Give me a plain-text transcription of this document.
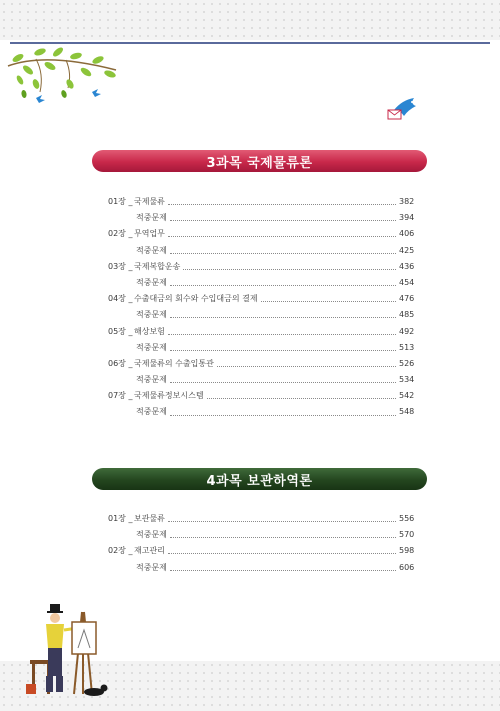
3과목 국제물류론
01장 _ 국제물류	382
적중문제	394
02장 _ 무역업무	406
적중문제	425
03장 _ 국제복합운송	436
적중문제	454
04장 _ 수출대금의 회수와 수입대금의 결제	476
적중문제	485
05장 _ 해상보험	492
적중문제	513
06장 _ 국제물류의 수출입통관	526
적중문제	534
07장 _ 국제물류정보시스템	542
적중문제	548
4과목 보관하역론
01장 _ 보관물류	556
적중문제	570
02장 _ 재고관리	598
적중문제	606
